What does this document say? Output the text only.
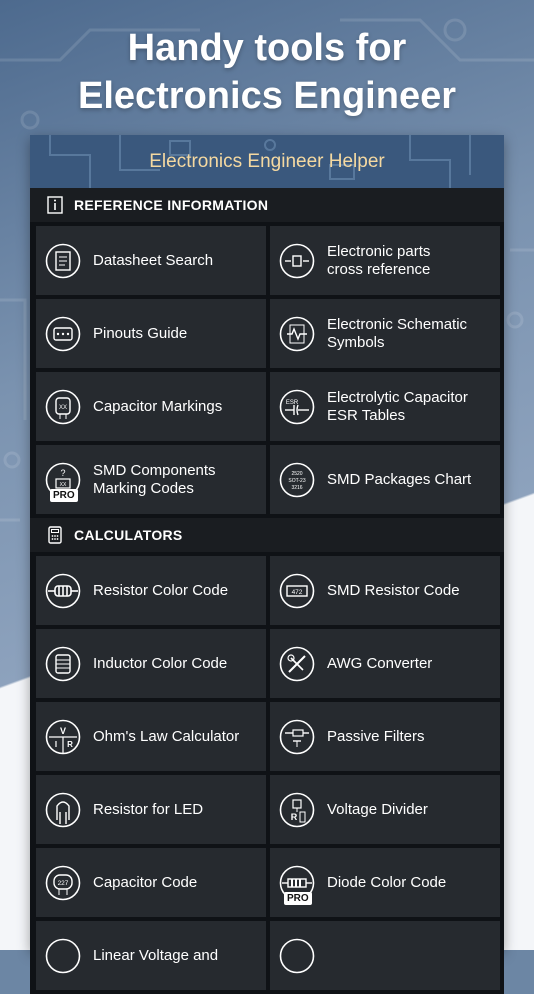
Handy tools for
Electronics Engineer
Electronics Engineer Helper
REFERENCE INFORMATION
Datasheet Search
Electronic parts
cross reference
Pinouts Guide
Electronic Schematic
Symbols
XX Capacitor Markings	ESR Electrolytic Capacitor
ESR Tables
?
XX
PRO
SMD Components
Marking Codes
2520
SOT-23
3216 SMD Packages Chart
CALCULATORS
Resistor Color Code	472 SMD Resistor Code
Inductor Color Code	AWG Converter
V
I R Ohm's Law Calculator	Passive Filters
Resistor for LED	R Voltage Divider
227 Capacitor Code
PRO
Diode Color Code
Linear Voltage and
